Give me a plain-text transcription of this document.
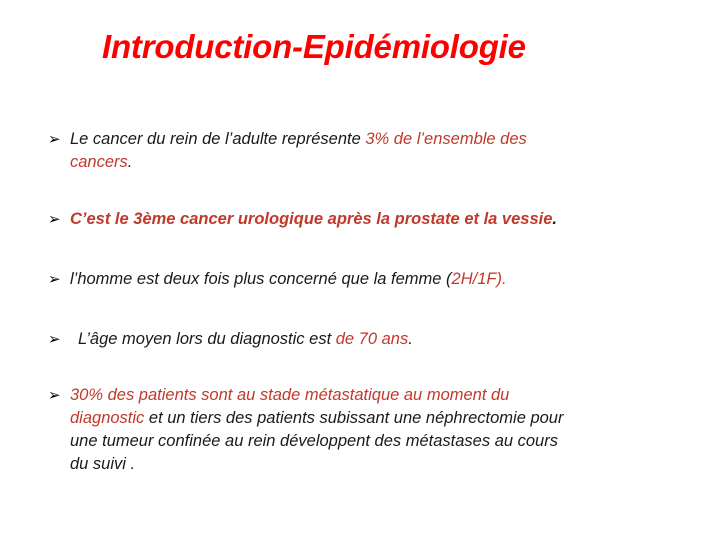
Introduction-Epidémiologie
➢ Le cancer du rein de l’adulte représente 3% de l’ensemble des cancers.
➢ C’est le 3ème cancer urologique après la prostate et la vessie.
➢ l’homme est deux fois plus concerné que la femme (2H/1F).
➢ L’âge moyen lors du diagnostic est de 70 ans.
➢ 30% des patients sont au stade métastatique au moment du diagnostic et un tiers des patients subissant une néphrectomie pour une tumeur confinée au rein développent des métastases au cours du suivi .
